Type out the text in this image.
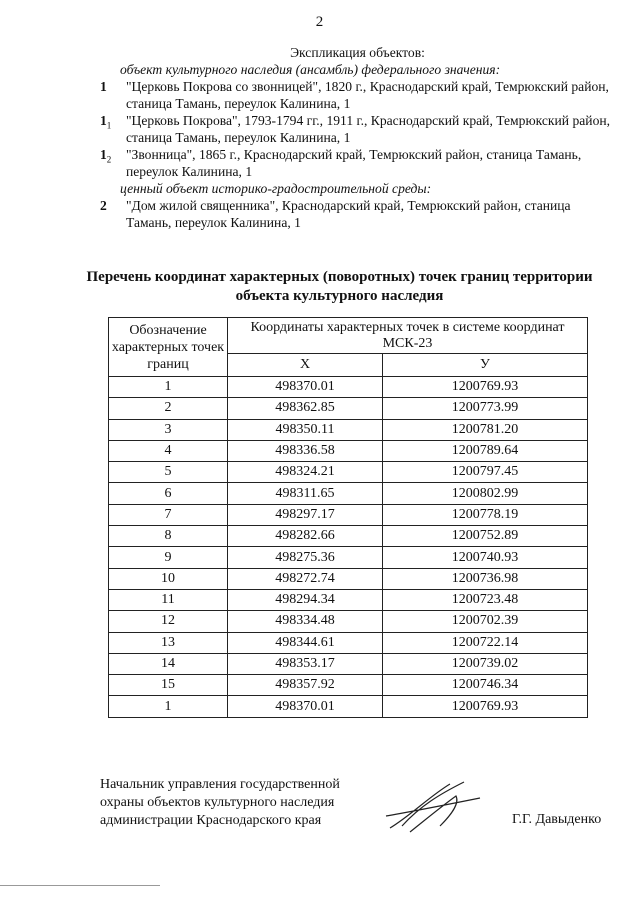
2
Экспликация объектов:
объект культурного наследия (ансамбль) федерального значения:
1	"Церковь Покрова со звонницей", 1820 г., Краснодарский край, Темрюкский район, станица Тамань, переулок Калинина, 1
$1_1$	"Церковь Покрова", 1793-1794 гг., 1911 г., Краснодарский край, Темрюкский район, станица Тамань, переулок Калинина, 1
$1_2$	"Звонница", 1865 г., Краснодарский край, Темрюкский район, станица Тамань, переулок Калинина, 1
ценный объект историко-градостроительной среды:
2	"Дом жилой священника", Краснодарский край, Темрюкский район, станица Тамань, переулок Калинина, 1
Перечень координат характерных (поворотных) точек границ территории объекта культурного наследия
Обозначение характерных точек границ	Координаты характерных точек в системе координат МСК-23	
	X	У
1	498370.01	1200769.93
2	498362.85	1200773.99
3	498350.11	1200781.20
4	498336.58	1200789.64
5	498324.21	1200797.45
6	498311.65	1200802.99
7	498297.17	1200778.19
8	498282.66	1200752.89
9	498275.36	1200740.93
10	498272.74	1200736.98
11	498294.34	1200723.48
12	498334.48	1200702.39
13	498344.61	1200722.14
14	498353.17	1200739.02
15	498357.92	1200746.34
1	498370.01	1200769.93
Начальник управления государственной
охраны объектов культурного наследия
администрации Краснодарского края	Г.Г. Давыденко
